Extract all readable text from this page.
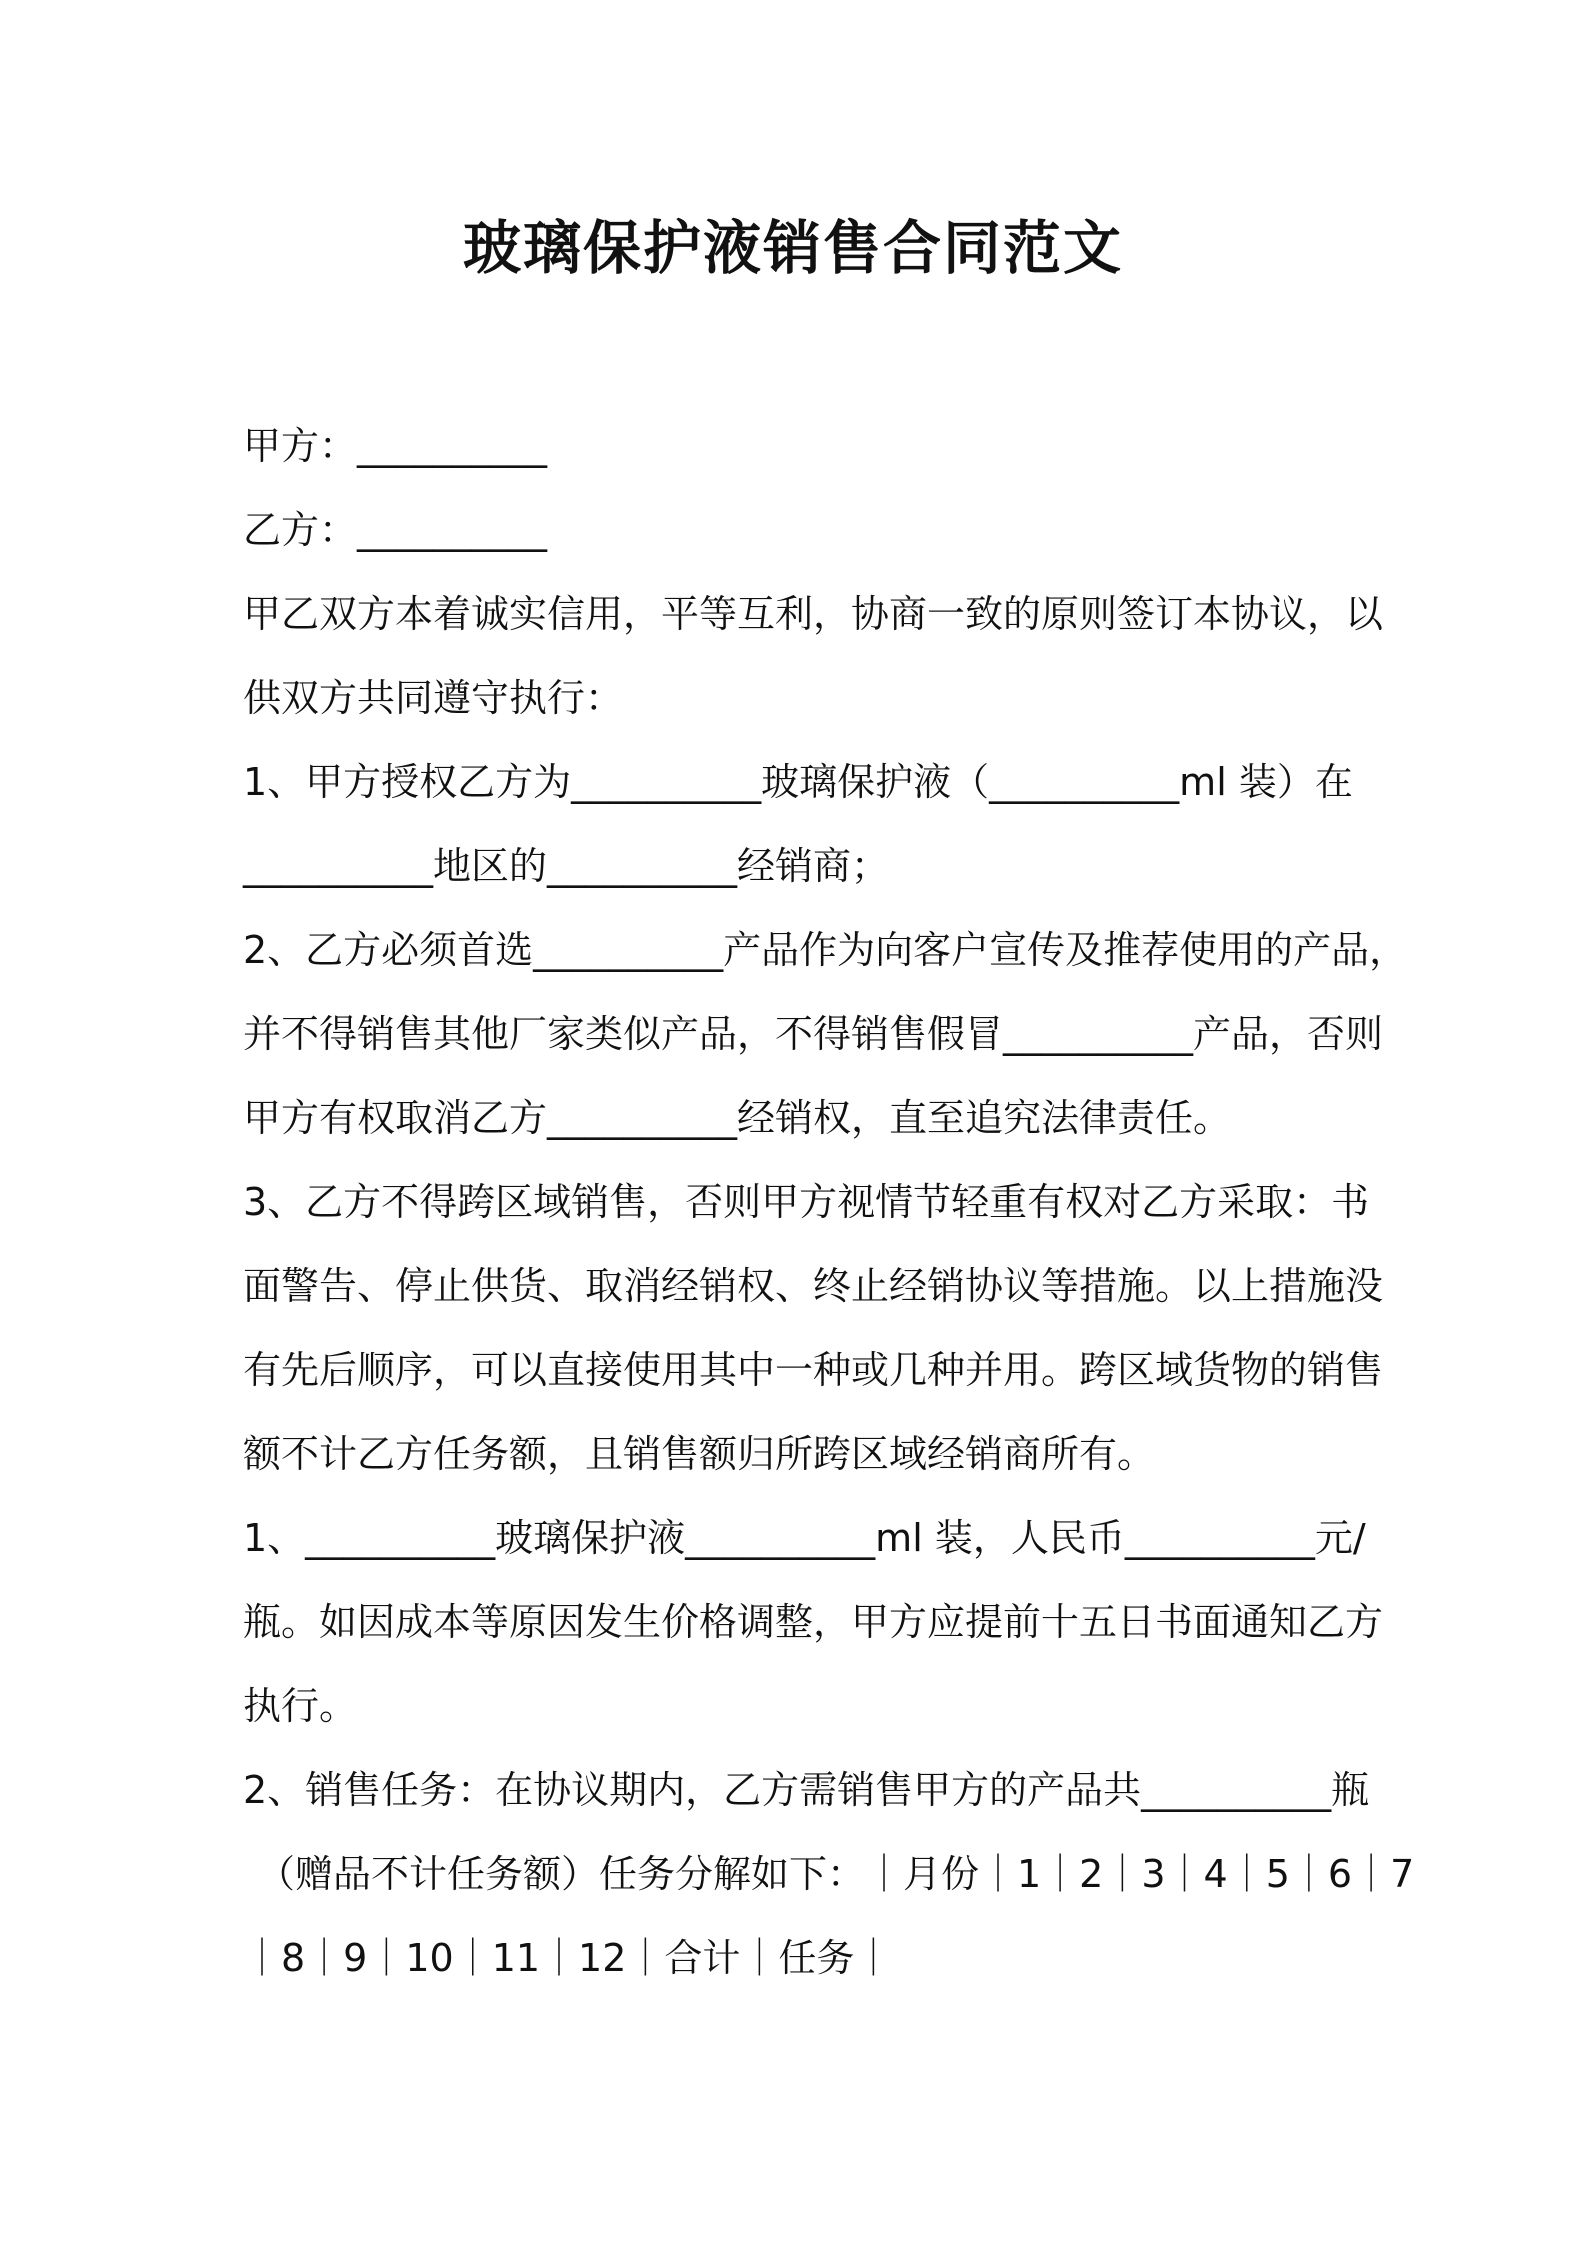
玻璃保护液销售合同范文

甲方：__________

乙方：__________

甲乙双方本着诚实信用，平等互利，协商一致的原则签订本协议，以

供双方共同遵守执行：

1、甲方授权乙方为__________玻璃保护液（__________ml 装）在

__________地区的__________经销商；

2、乙方必须首选__________产品作为向客户宣传及推荐使用的产品，

并不得销售其他厂家类似产品，不得销售假冒__________产品，否则

甲方有权取消乙方__________经销权，直至追究法律责任。

3、乙方不得跨区域销售，否则甲方视情节轻重有权对乙方采取：书

面警告、停止供货、取消经销权、终止经销协议等措施。以上措施没

有先后顺序，可以直接使用其中一种或几种并用。跨区域货物的销售

额不计乙方任务额，且销售额归所跨区域经销商所有。

1、__________玻璃保护液__________ml 装，人民币__________元/

瓶。如因成本等原因发生价格调整，甲方应提前十五日书面通知乙方

执行。

2、销售任务：在协议期内，乙方需销售甲方的产品共__________瓶

（赠品不计任务额）任务分解如下：｜月份｜1｜2｜3｜4｜5｜6｜7

｜8｜9｜10｜11｜12｜合计｜任务｜
